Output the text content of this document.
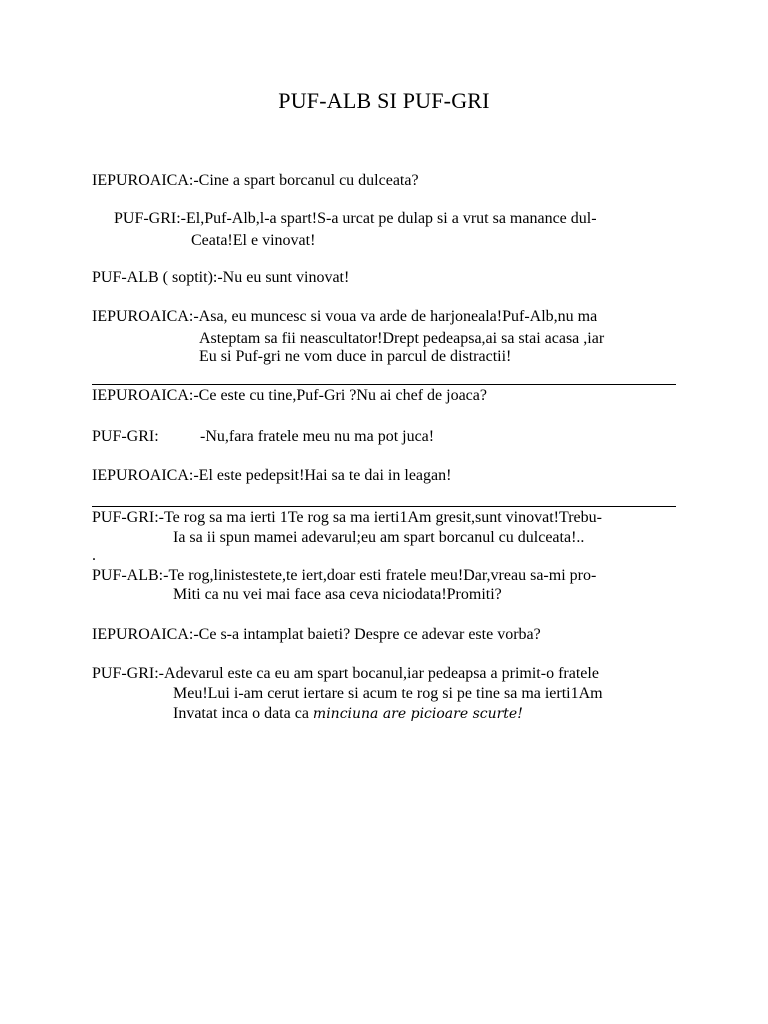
PUF-ALB SI PUF-GRI
IEPUROAICA:-Cine a spart borcanul cu dulceata?
PUF-GRI:-El,Puf-Alb,l-a spart!S-a urcat pe dulap si a vrut sa manance dul-
Ceata!El e vinovat!
PUF-ALB ( soptit):-Nu eu sunt vinovat!
IEPUROAICA:-Asa, eu muncesc si voua va arde de harjoneala!Puf-Alb,nu ma
Asteptam sa fii neascultator!Drept pedeapsa,ai sa stai acasa ,iar
Eu si Puf-gri ne vom duce in parcul de distractii!
IEPUROAICA:-Ce este cu tine,Puf-Gri ?Nu ai chef de joaca?
PUF-GRI:	-Nu,fara fratele meu nu ma pot juca!
IEPUROAICA:-El este pedepsit!Hai sa te dai in leagan!
PUF-GRI:-Te rog sa ma ierti 1Te rog sa ma ierti1Am gresit,sunt vinovat!Trebu-
Ia sa ii spun mamei adevarul;eu am spart borcanul cu dulceata!..
.
PUF-ALB:-Te rog,linistestete,te iert,doar esti fratele meu!Dar,vreau sa-mi pro-
Miti ca nu vei mai face asa ceva niciodata!Promiti?
IEPUROAICA:-Ce s-a intamplat baieti? Despre ce adevar este vorba?
PUF-GRI:-Adevarul este ca eu am spart bocanul,iar pedeapsa a primit-o fratele
Meu!Lui i-am cerut iertare si acum te rog si pe tine sa ma ierti1Am
Invatat inca o data ca minciuna are picioare scurte!
